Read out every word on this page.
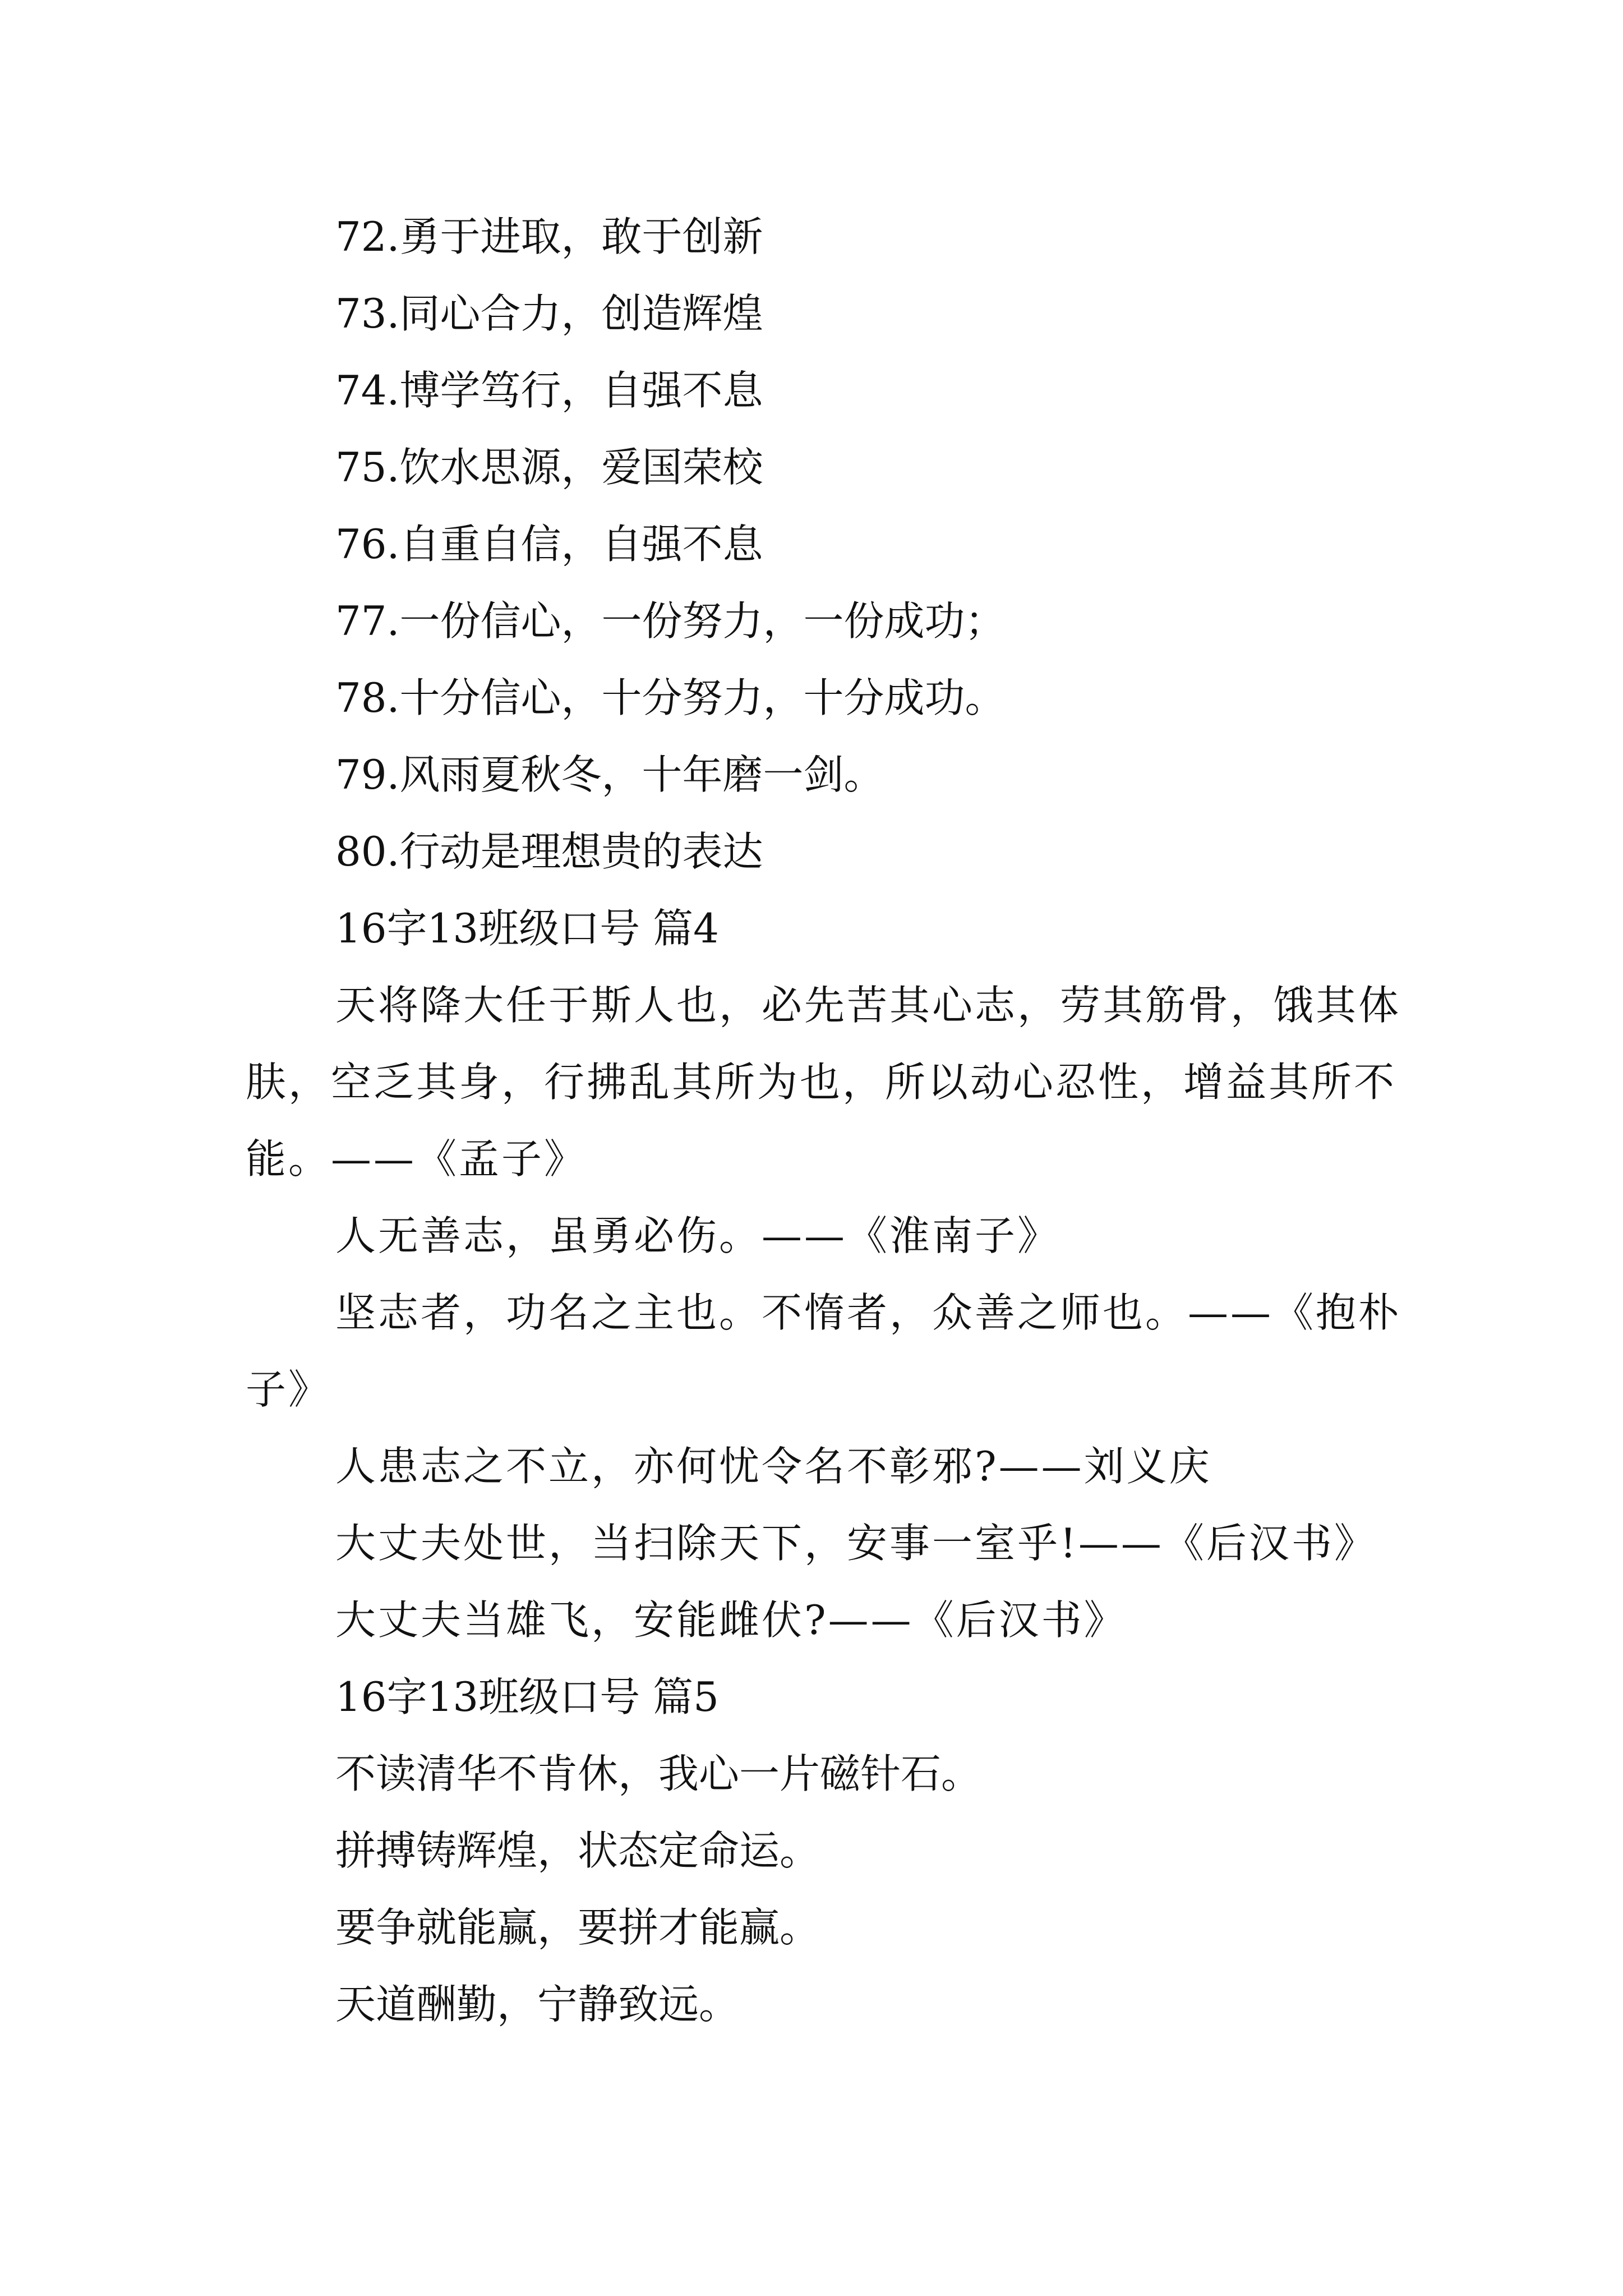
72.勇于进取，敢于创新
73.同心合力，创造辉煌
74.博学笃行，自强不息
75.饮水思源，爱国荣校
76.自重自信，自强不息
77.一份信心，一份努力，一份成功；
78.十分信心，十分努力，十分成功。
79.风雨夏秋冬，十年磨一剑。
80.行动是理想贵的表达
16字13班级口号 篇4
天将降大任于斯人也，必先苦其心志，劳其筋骨，饿其体肤，空乏其身，行拂乱其所为也，所以动心忍性，增益其所不能。——《孟子》
人无善志，虽勇必伤。——《淮南子》
坚志者，功名之主也。不惰者，众善之师也。——《抱朴子》
人患志之不立，亦何忧令名不彰邪?——刘义庆
大丈夫处世，当扫除天下，安事一室乎!——《后汉书》
大丈夫当雄飞，安能雌伏?——《后汉书》
16字13班级口号 篇5
不读清华不肯休，我心一片磁针石。
拼搏铸辉煌，状态定命运。
要争就能赢，要拼才能赢。
天道酬勤，宁静致远。
